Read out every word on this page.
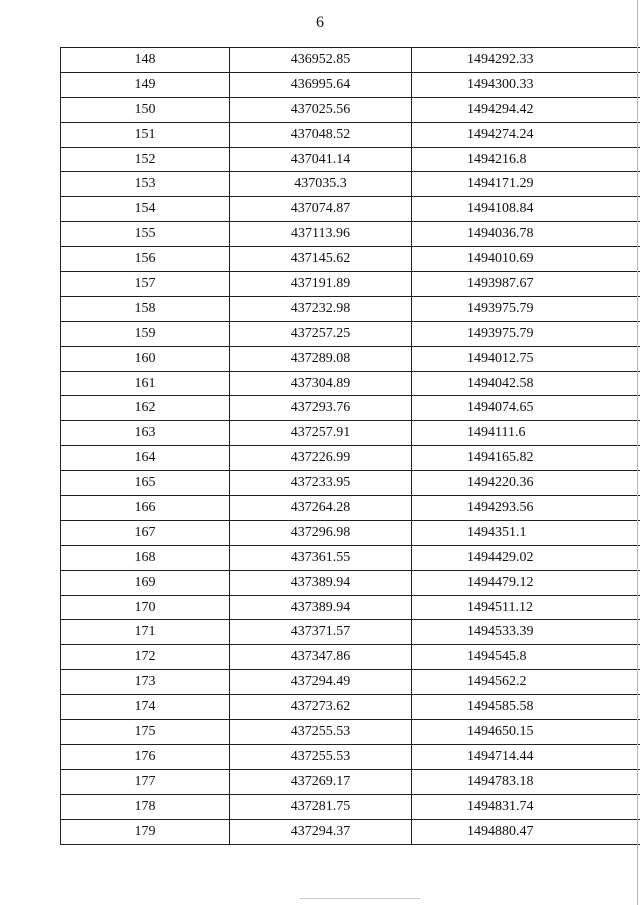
6
148	436952.85	1494292.33
149	436995.64	1494300.33
150	437025.56	1494294.42
151	437048.52	1494274.24
152	437041.14	1494216.8
153	437035.3	1494171.29
154	437074.87	1494108.84
155	437113.96	1494036.78
156	437145.62	1494010.69
157	437191.89	1493987.67
158	437232.98	1493975.79
159	437257.25	1493975.79
160	437289.08	1494012.75
161	437304.89	1494042.58
162	437293.76	1494074.65
163	437257.91	1494111.6
164	437226.99	1494165.82
165	437233.95	1494220.36
166	437264.28	1494293.56
167	437296.98	1494351.1
168	437361.55	1494429.02
169	437389.94	1494479.12
170	437389.94	1494511.12
171	437371.57	1494533.39
172	437347.86	1494545.8
173	437294.49	1494562.2
174	437273.62	1494585.58
175	437255.53	1494650.15
176	437255.53	1494714.44
177	437269.17	1494783.18
178	437281.75	1494831.74
179	437294.37	1494880.47
